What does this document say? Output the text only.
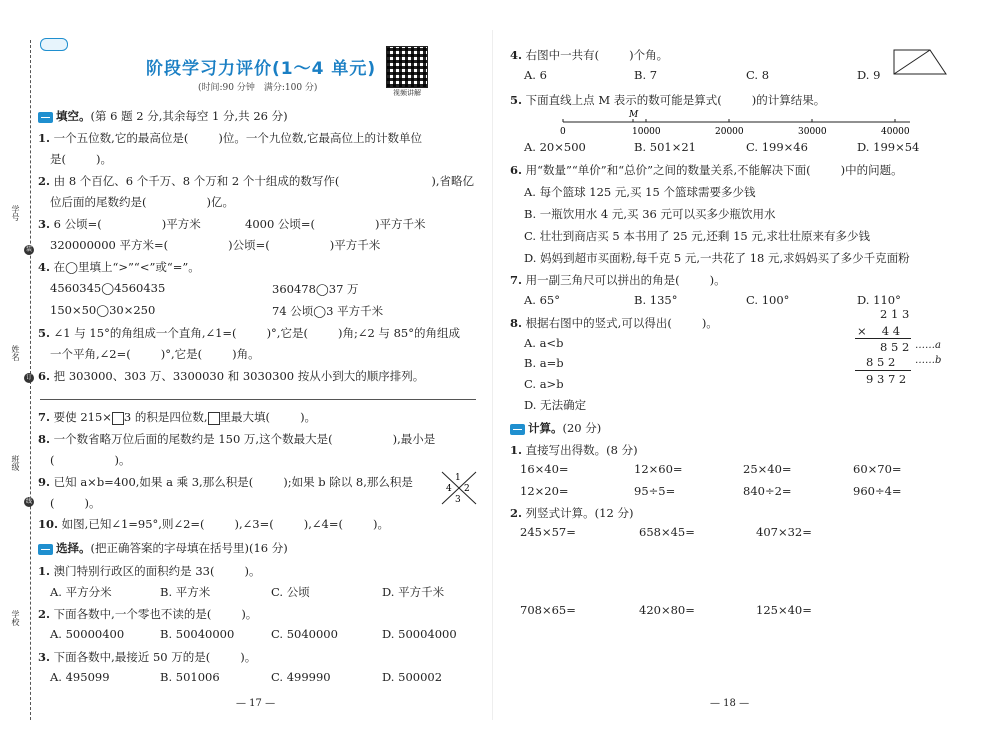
学号
姓名
班级
学校
装
订
线
阶段学习力评价(1～4 单元)
(时间:90 分钟　满分:100 分)	视频讲解
填空。(第 6 题 2 分,其余每空 1 分,共 26 分)
1. 一个五位数,它的最高位是(	)位。一个九位数,它最高位上的计数单位
是(	)。
2. 由 8 个百亿、6 个千万、8 个万和 2 个十组成的数写作(	),省略亿
位后面的尾数约是(	)亿。
3. 6 公顷=(	)平方米	4000 公顷=(	)平方千米
320000000 平方米=(	)公顷=(	)平方千米
4. 在◯里填上“>”“<”或“=”。
4560345◯4560435	360478◯37 万
150×50◯30×250	74 公顷◯3 平方千米
5. ∠1 与 15°的角组成一个直角,∠1=(	)°,它是(	)角;∠2 与 85°的角组成
一个平角,∠2=(	)°,它是(	)角。
6. 把 303000、303 万、3300030 和 3030300 按从小到大的顺序排列。
7. 要使 215× 3 的积是四位数, 里最大填(	)。
8. 一个数省略万位后面的尾数约是 150 万,这个数最大是(	),最小是
(	)。
9. 已知 a×b=400,如果 a 乘 3,那么积是(	);如果 b 除以 8,那么积是
(	)。
1
4 2
3
10. 如图,已知∠1=95°,则∠2=(	),∠3=(	),∠4=(	)。
选择。(把正确答案的字母填在括号里)(16 分)
1. 澳门特别行政区的面积约是 33(	)。
A. 平方分米	B. 平方米	C. 公顷	D. 平方千米
2. 下面各数中,一个零也不读的是(	)。
A. 50000400	B. 50040000	C. 5040000	D. 50004000
3. 下面各数中,最接近 50 万的是(	)。
A. 495099	B. 501006	C. 499990	D. 500002
— 17 —
4. 右图中一共有(	)个角。
A. 6	B. 7	C. 8	D. 9
5. 下面直线上点 M 表示的数可能是算式(	)的计算结果。
M
0	10000	20000	30000	40000
A. 20×500	B. 501×21	C. 199×46	D. 199×54
6. 用“数量”“单价”和“总价”之间的数量关系,不能解决下面(	)中的问题。
A. 每个篮球 125 元,买 15 个篮球需要多少钱
B. 一瓶饮用水 4 元,买 36 元可以买多少瓶饮用水
C. 壮壮到商店买 5 本书用了 25 元,还剩 15 元,求壮壮原来有多少钱
D. 妈妈到超市买面粉,每千克 5 元,一共花了 18 元,求妈妈买了多少千克面粉
7. 用一副三角尺可以拼出的角是(	)。
A. 65°	B. 135°	C. 100°	D. 110°
8. 根据右图中的竖式,可以得出(	)。
A. a<b
B. a=b
C. a>b
D. 无法确定
2 1 3
×　 4 4
8 5 2 ……a
8 5 2 ……b
9 3 7 2
计算。(20 分)
1. 直接写出得数。(8 分)
16×40=	12×60=	25×40=	60×70=
12×20=	95÷5=	840÷2=	960÷4=
2. 列竖式计算。(12 分)
245×57=	658×45=	407×32=
708×65=	420×80=	125×40=
— 18 —
